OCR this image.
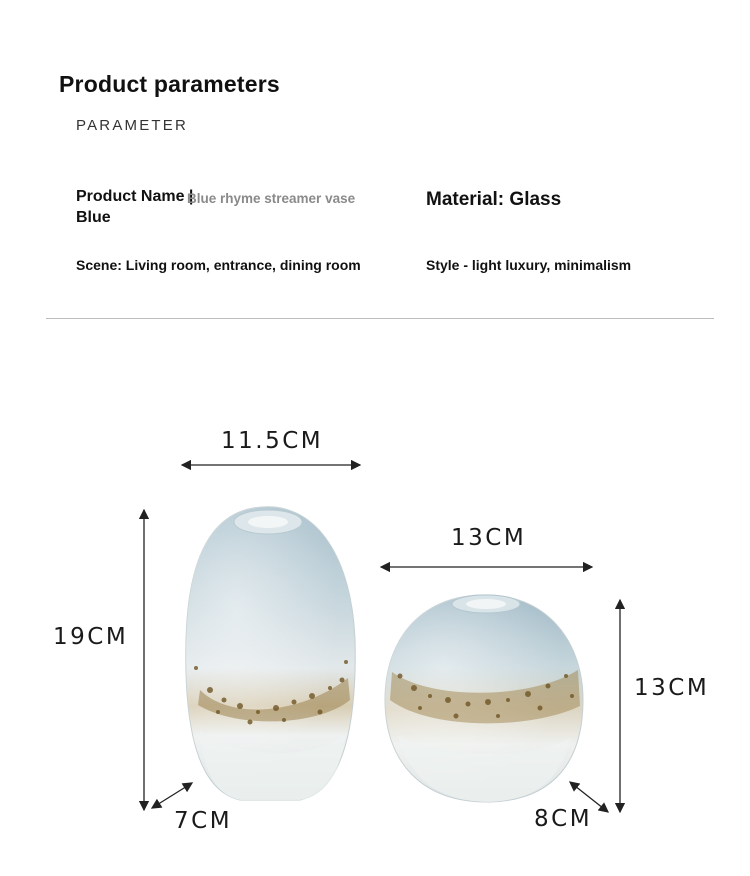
Product parameters
PARAMETER
Product Name | Blue
Blue rhyme streamer vase	Material: Glass
Scene: Living room, entrance, dining room	Style - light luxury, minimalism
11.5CM
19CM
7CM
13CM
13CM
8CM
